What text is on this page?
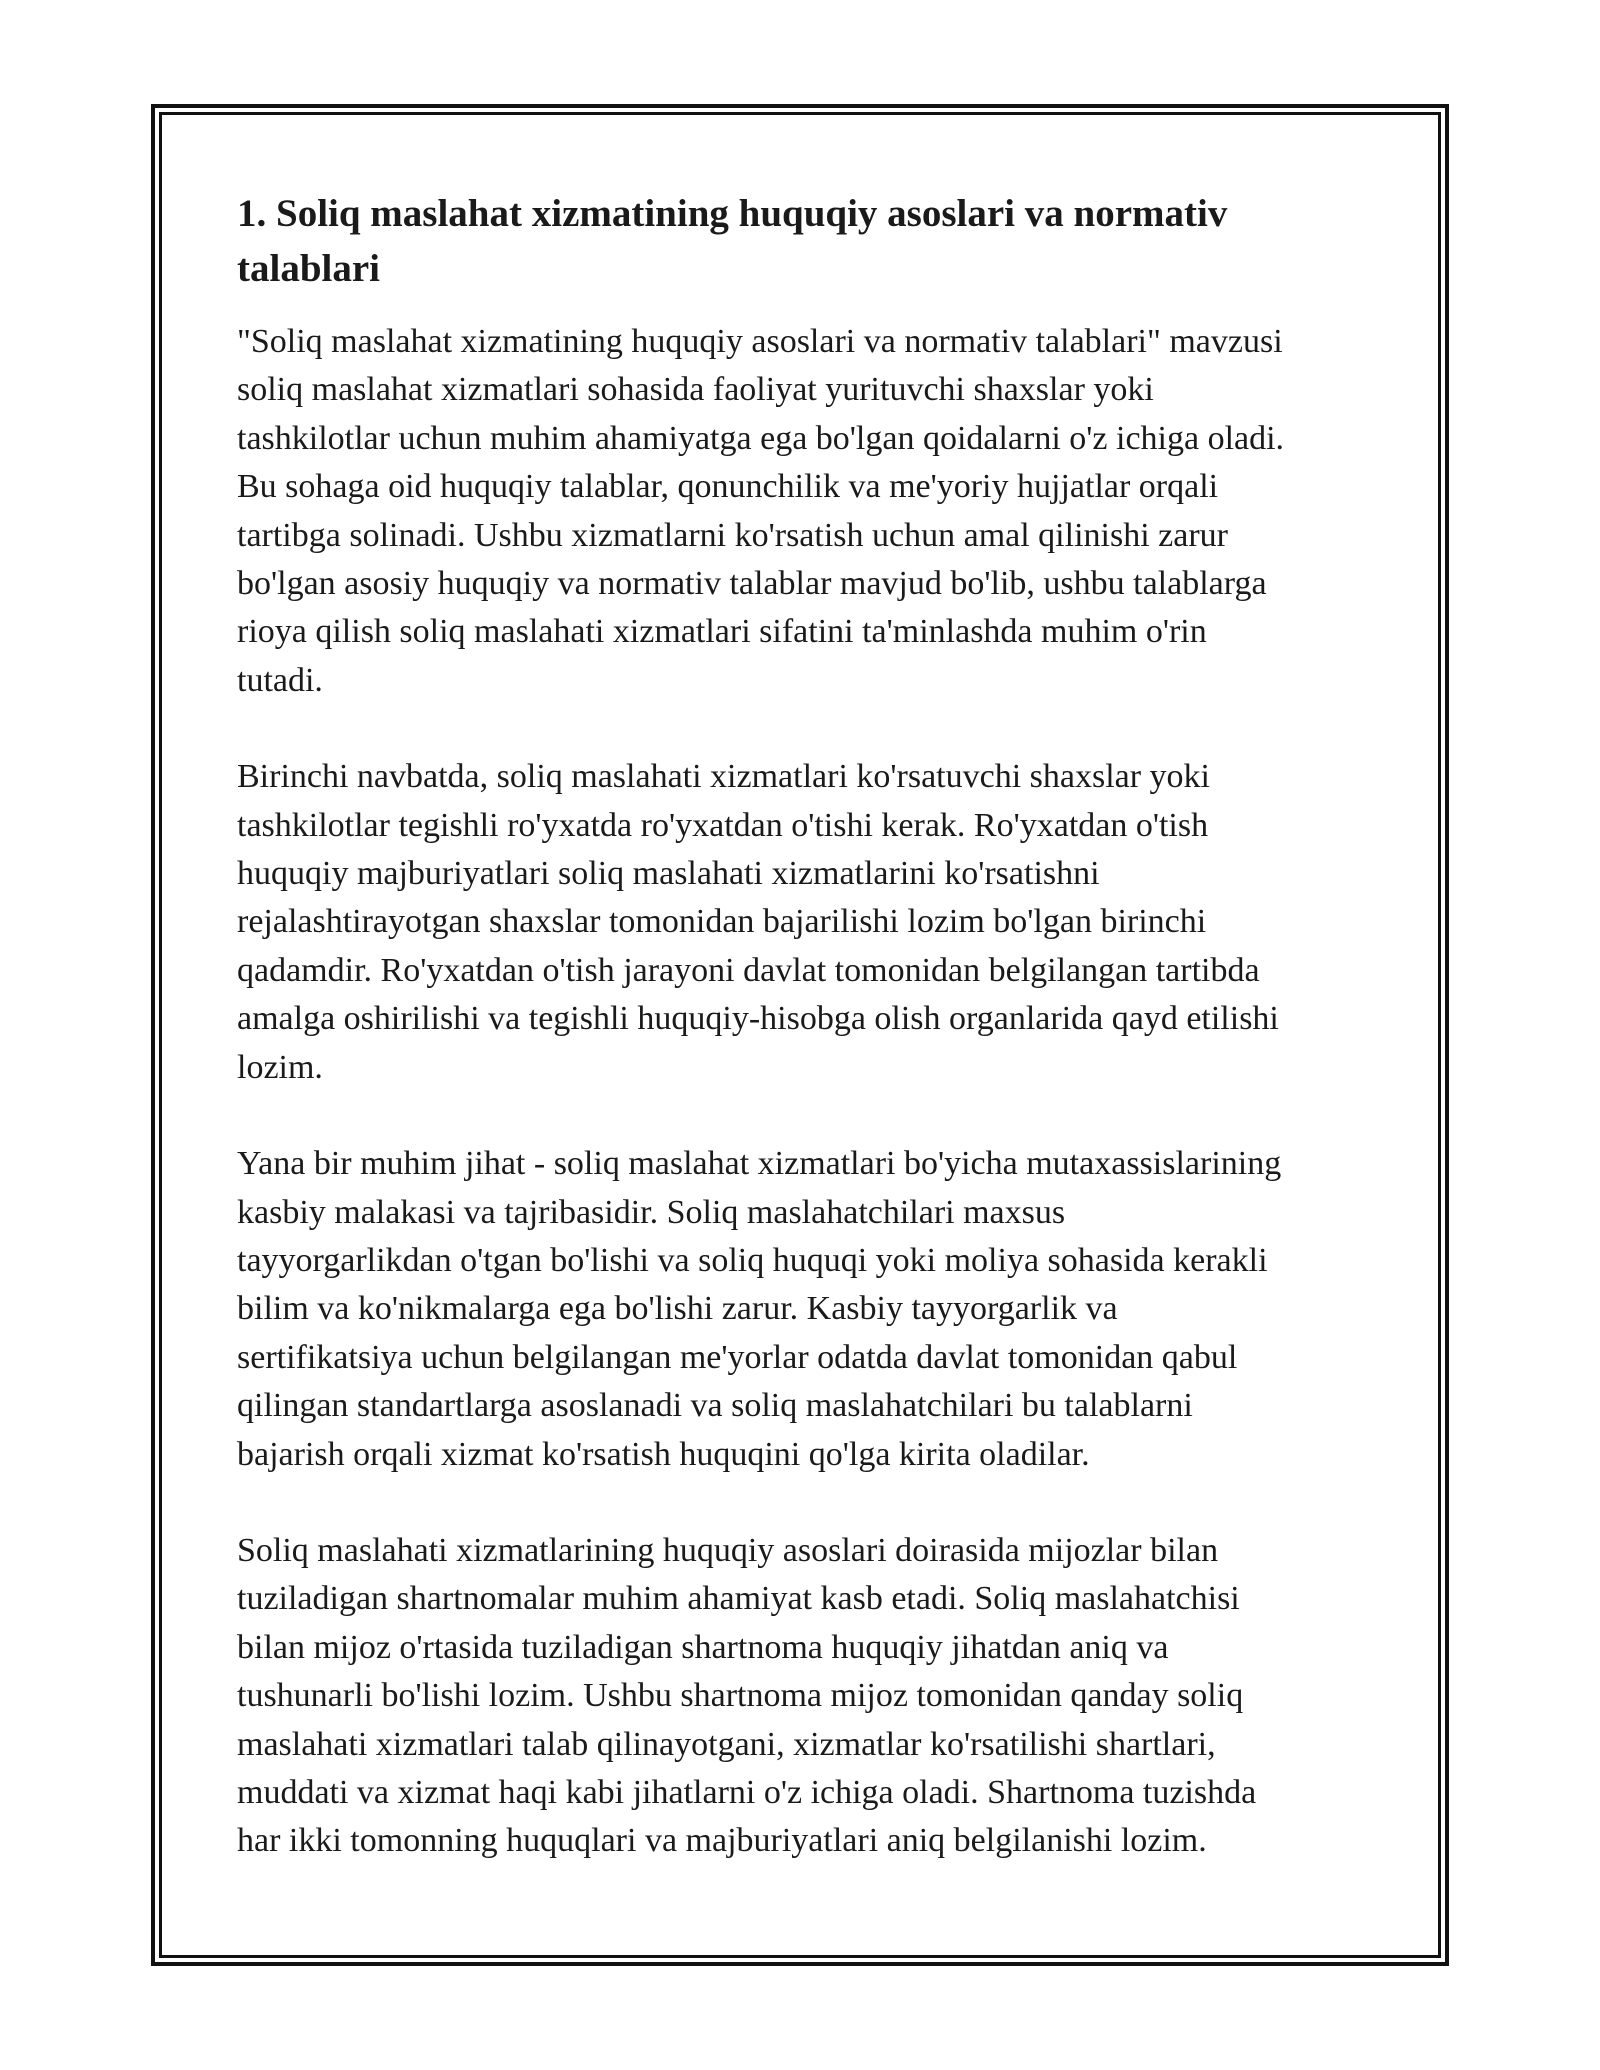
1. Soliq maslahat xizmatining huquqiy asoslari va normativ
talablari

"Soliq maslahat xizmatining huquqiy asoslari va normativ talablari" mavzusi
soliq maslahat xizmatlari sohasida faoliyat yurituvchi shaxslar yoki
tashkilotlar uchun muhim ahamiyatga ega bo'lgan qoidalarni o'z ichiga oladi.
Bu sohaga oid huquqiy talablar, qonunchilik va me'yoriy hujjatlar orqali
tartibga solinadi. Ushbu xizmatlarni ko'rsatish uchun amal qilinishi zarur
bo'lgan asosiy huquqiy va normativ talablar mavjud bo'lib, ushbu talablarga
rioya qilish soliq maslahati xizmatlari sifatini ta'minlashda muhim o'rin
tutadi.

Birinchi navbatda, soliq maslahati xizmatlari ko'rsatuvchi shaxslar yoki
tashkilotlar tegishli ro'yxatda ro'yxatdan o'tishi kerak. Ro'yxatdan o'tish
huquqiy majburiyatlari soliq maslahati xizmatlarini ko'rsatishni
rejalashtirayotgan shaxslar tomonidan bajarilishi lozim bo'lgan birinchi
qadamdir. Ro'yxatdan o'tish jarayoni davlat tomonidan belgilangan tartibda
amalga oshirilishi va tegishli huquqiy-hisobga olish organlarida qayd etilishi
lozim.

Yana bir muhim jihat - soliq maslahat xizmatlari bo'yicha mutaxassislarining
kasbiy malakasi va tajribasidir. Soliq maslahatchilari maxsus
tayyorgarlikdan o'tgan bo'lishi va soliq huquqi yoki moliya sohasida kerakli
bilim va ko'nikmalarga ega bo'lishi zarur. Kasbiy tayyorgarlik va
sertifikatsiya uchun belgilangan me'yorlar odatda davlat tomonidan qabul
qilingan standartlarga asoslanadi va soliq maslahatchilari bu talablarni
bajarish orqali xizmat ko'rsatish huquqini qo'lga kirita oladilar.

Soliq maslahati xizmatlarining huquqiy asoslari doirasida mijozlar bilan
tuziladigan shartnomalar muhim ahamiyat kasb etadi. Soliq maslahatchisi
bilan mijoz o'rtasida tuziladigan shartnoma huquqiy jihatdan aniq va
tushunarli bo'lishi lozim. Ushbu shartnoma mijoz tomonidan qanday soliq
maslahati xizmatlari talab qilinayotgani, xizmatlar ko'rsatilishi shartlari,
muddati va xizmat haqi kabi jihatlarni o'z ichiga oladi. Shartnoma tuzishda
har ikki tomonning huquqlari va majburiyatlari aniq belgilanishi lozim.
